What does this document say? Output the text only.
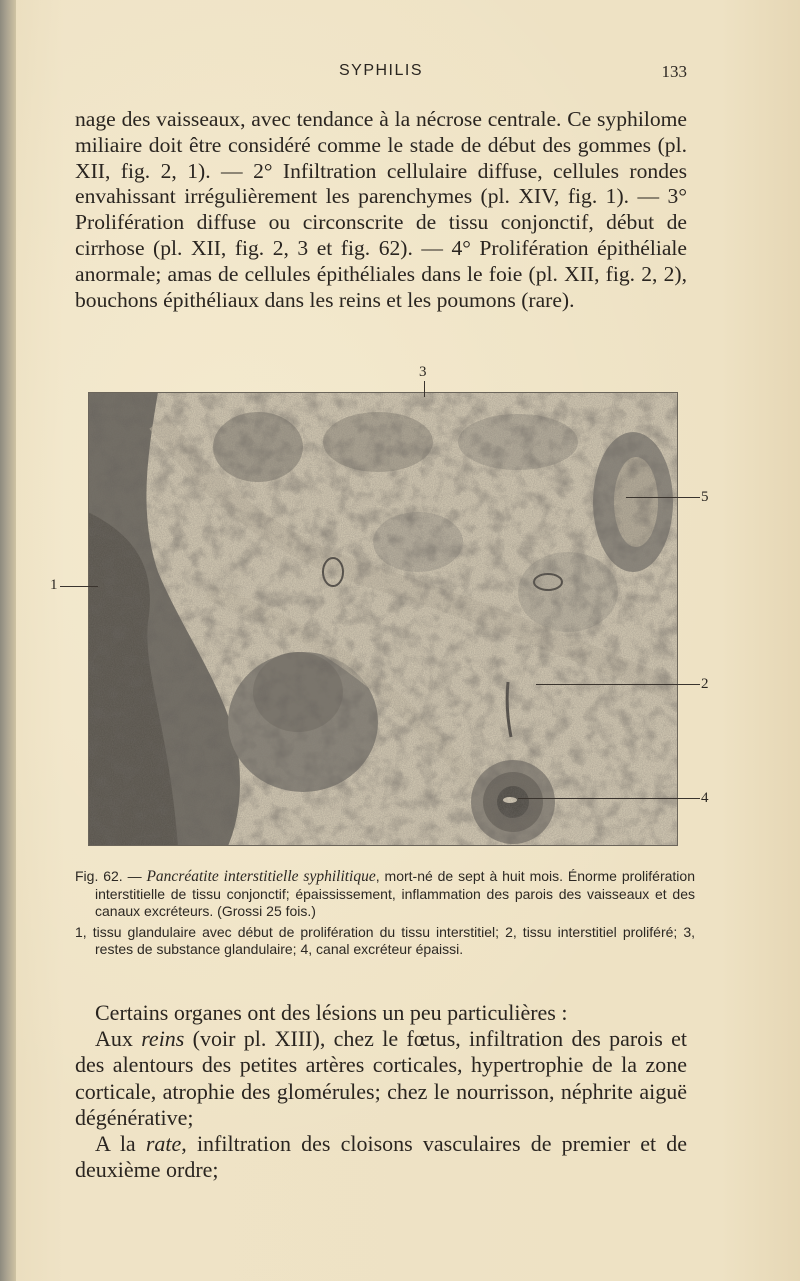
SYPHILIS	133

nage des vaisseaux, avec tendance à la nécrose centrale. Ce syphilome miliaire doit être considéré comme le stade de début des gommes (pl. XII, fig. 2, 1). — 2° Infiltration cellulaire diffuse, cellules rondes envahissant irrégulièrement les parenchymes (pl. XIV, fig. 1). — 3° Prolifération diffuse ou circonscrite de tissu conjonctif, début de cirrhose (pl. XII, fig. 2, 3 et fig. 62). — 4° Prolifération épithéliale anormale; amas de cellules épithéliales dans le foie (pl. XII, fig. 2, 2), bouchons épithéliaux dans les reins et les poumons (rare).

3
5
1
2
4

Fig. 62. — Pancréatite interstitielle syphilitique, mort-né de sept à huit mois. Énorme prolifération interstitielle de tissu conjonctif; épaississement, inflammation des parois des vaisseaux et des canaux excréteurs. (Grossi 25 fois.)

1, tissu glandulaire avec début de prolifération du tissu interstitiel; 2, tissu interstitiel proliféré; 3, restes de substance glandulaire; 4, canal excréteur épaissi.

Certains organes ont des lésions un peu particulières :
Aux reins (voir pl. XIII), chez le fœtus, infiltration des parois et des alentours des petites artères corticales, hypertrophie de la zone corticale, atrophie des glomérules; chez le nourrisson, néphrite aiguë dégénérative;
A la rate, infiltration des cloisons vasculaires de premier et de deuxième ordre;
